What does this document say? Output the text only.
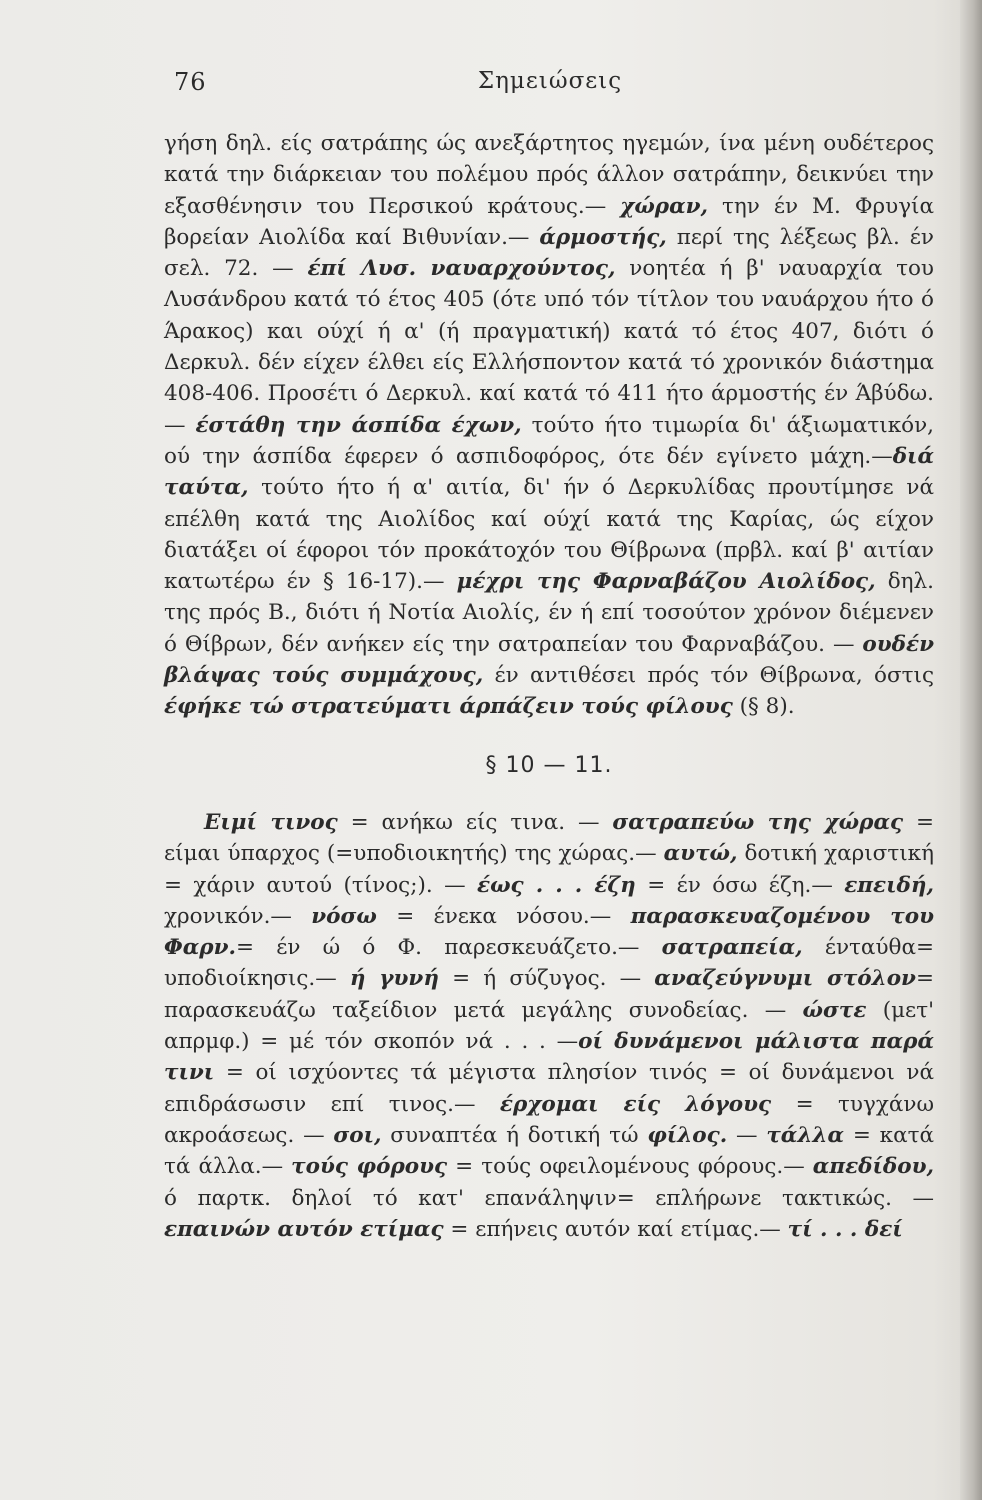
76	Σημειώσεις

γήση δηλ. είς σατράπης ώς ανεξάρτητος ηγεμών, ίνα μένη ουδέτερος κατά την διάρκειαν του πολέμου πρός άλλον σατράπην, δεικνύει την εξασθένησιν του Περσικού κράτους.— χώραν, την έν Μ. Φρυγία βορείαν Αιολίδα καί Βιθυνίαν.— άρμοστής, περί της λέξεως βλ. έν σελ. 72. — έπί Λυσ. ναυαρχούντος, νοητέα ή β' ναυαρχία του Λυσάνδρου κατά τό έτος 405 (ότε υπό τόν τίτλον του ναυάρχου ήτο ό Άρακος) και ούχί ή α' (ή πραγματική) κατά τό έτος 407, διότι ό Δερκυλ. δέν είχεν έλθει είς Ελλήσποντον κατά τό χρονικόν διάστημα 408-406. Προσέτι ό Δερκυλ. καί κατά τό 411 ήτο άρμοστής έν Άβύδω.— έστάθη την άσπίδα έχων, τούτο ήτο τιμωρία δι' άξιωματικόν, ού την άσπίδα έφερεν ό ασπιδοφόρος, ότε δέν εγίνετο μάχη.—διά ταύτα, τούτο ήτο ή α' αιτία, δι' ήν ό Δερκυλίδας προυτίμησε νά επέλθη κατά της Αιολίδος καί ούχί κατά της Καρίας, ώς είχον διατάξει οί έφοροι τόν προκάτοχόν του Θίβρωνα (πρβλ. καί β' αιτίαν κατωτέρω έν § 16-17).— μέχρι της Φαρναβάζου Αιολίδος, δηλ. της πρός Β., διότι ή Νοτία Αιολίς, έν ή επί τοσούτον χρόνον διέμενεν ό Θίβρων, δέν ανήκεν είς την σατραπείαν του Φαρναβάζου. — ουδέν βλάψας τούς συμμάχους, έν αντιθέσει πρός τόν Θίβρωνα, όστις έφήκε τώ στρατεύματι άρπάζειν τούς φίλους (§ 8).

§ 10 — 11.

Ειμί τινος = ανήκω είς τινα. — σατραπεύω της χώρας = είμαι ύπαρχος (=υποδιοικητής) της χώρας.— αυτώ, δοτική χαριστική = χάριν αυτού (τίνος;). — έως . . . έζη = έν όσω έζη.— επειδή, χρονικόν.— νόσω = ένεκα νόσου.— παρασκευαζομένου του Φαρν.= έν ώ ό Φ. παρεσκευάζετο.— σατραπεία, ένταύθα= υποδιοίκησις.— ή γυνή = ή σύζυγος. — αναζεύγνυμι στόλον= παρασκευάζω ταξείδιον μετά μεγάλης συνοδείας. — ώστε (μετ' απρμφ.) = μέ τόν σκοπόν νά . . . —οί δυνάμενοι μάλιστα παρά τινι = οί ισχύοντες τά μέγιστα πλησίον τινός = οί δυνάμενοι νά επιδράσωσιν επί τινος.— έρχομαι είς λόγους = τυγχάνω ακροάσεως. — σοι, συναπτέα ή δοτική τώ φίλος. — τάλλα = κατά τά άλλα.— τούς φόρους = τούς οφειλομένους φόρους.— απεδίδου, ό παρτκ. δηλοί τό κατ' επανάληψιν= επλήρωνε τακτικώς. — επαινών αυτόν ετίμας = επήνεις αυτόν καί ετίμας.— τί . . . δεί
